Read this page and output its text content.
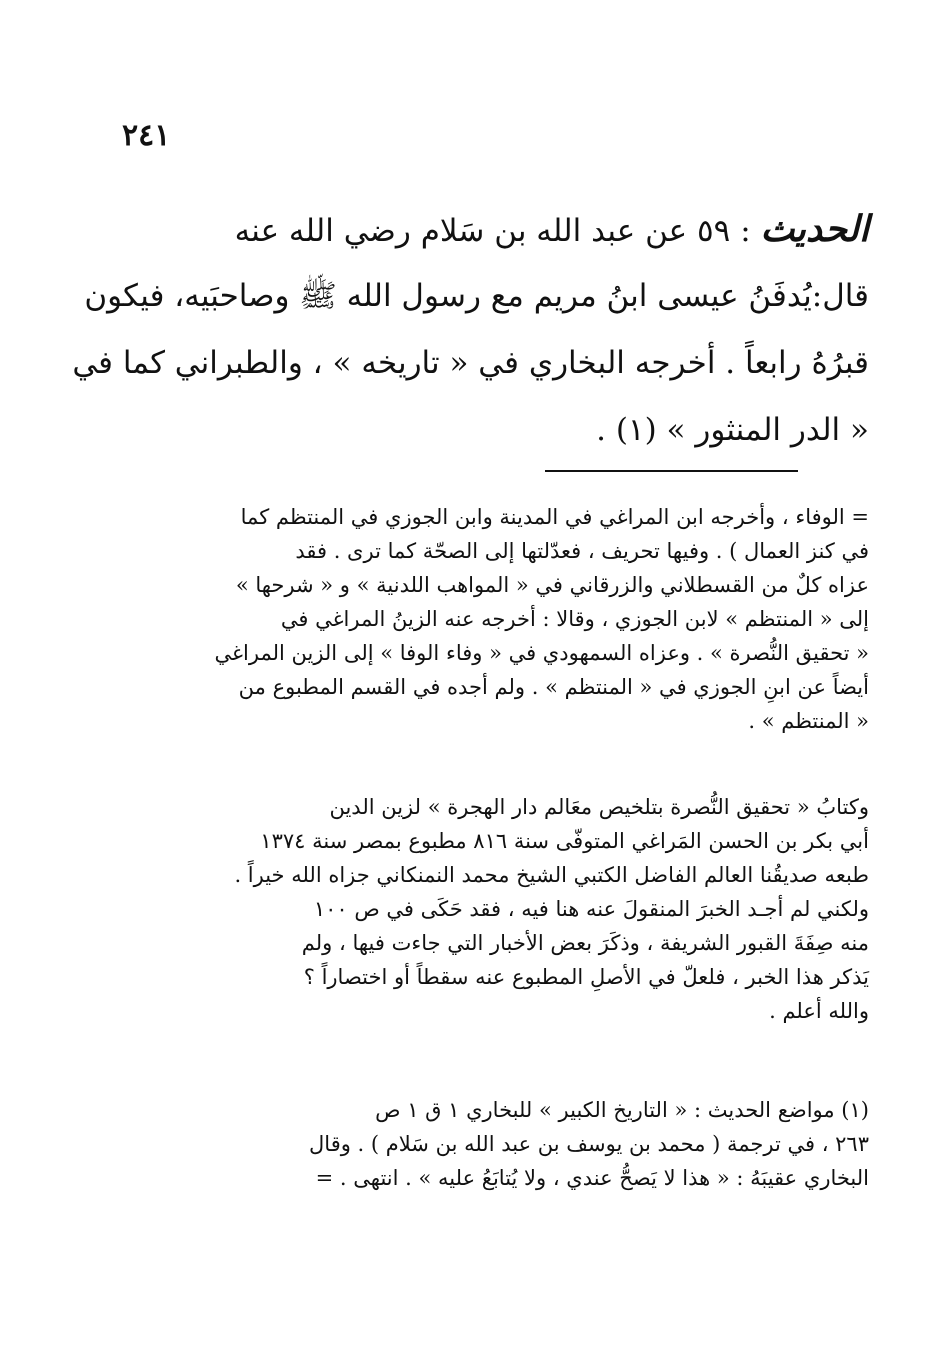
٢٤١
الحديث : ٥٩ عن عبد الله بن سَلام رضي الله عنه
قال:يُدفَنُ عيسى ابنُ مريم مع رسول الله ﷺ وصاحبَيه، فيكون
قبرُهُ رابعاً . أخرجه البخاري في « تاريخه » ، والطبراني كما في
« الدر المنثور » (١) .
= الوفاء ، وأخرجه ابن المراغي في المدينة وابن الجوزي في المنتظم كما
في كنز العمال ) . وفيها تحريف ، فعدّلتها إلى الصحّة كما ترى . فقد
عزاه كلٌ من القسطلاني والزرقاني في « المواهب اللدنية » و « شرحها »
إلى « المنتظم » لابن الجوزي ، وقالا : أخرجه عنه الزينُ المراغي في
« تحقيق النُّصرة » . وعزاه السمهودي في « وفاء الوفا » إلى الزين المراغي
أيضاً عن ابنِ الجوزي في « المنتظم » . ولم أجده في القسم المطبوع من
« المنتظم » .
وكتابُ « تحقيق النُّصرة بتلخيص معَالم دار الهجرة » لزين الدين
أبي بكر بن الحسن المَراغي المتوفّى سنة ٨١٦ مطبوع بمصر سنة ١٣٧٤
طبعه صديقُنا العالم الفاضل الكتبي الشيخ محمد النمنكاني جزاه الله خيراً .
ولكني لم أجـد الخبرَ المنقولَ عنه هنا فيه ، فقد حَكَى في ص ١٠٠
منه صِفَةَ القبور الشريفة ، وذكَرَ بعض الأخبار التي جاءت فيها ، ولم
يَذكر هذا الخبر ، فلعلّ في الأصلِ المطبوع عنه سقطاً أو اختصاراً ؟
والله أعلم .
(١) مواضع الحديث : « التاريخ الكبير » للبخاري ١ ق ١ ص
٢٦٣ ، في ترجمة ( محمد بن يوسف بن عبد الله بن سَلام ) . وقال
البخاري عقيبَهُ : « هذا لا يَصحُّ عندي ، ولا يُتابَعُ عليه » . انتهى . =
